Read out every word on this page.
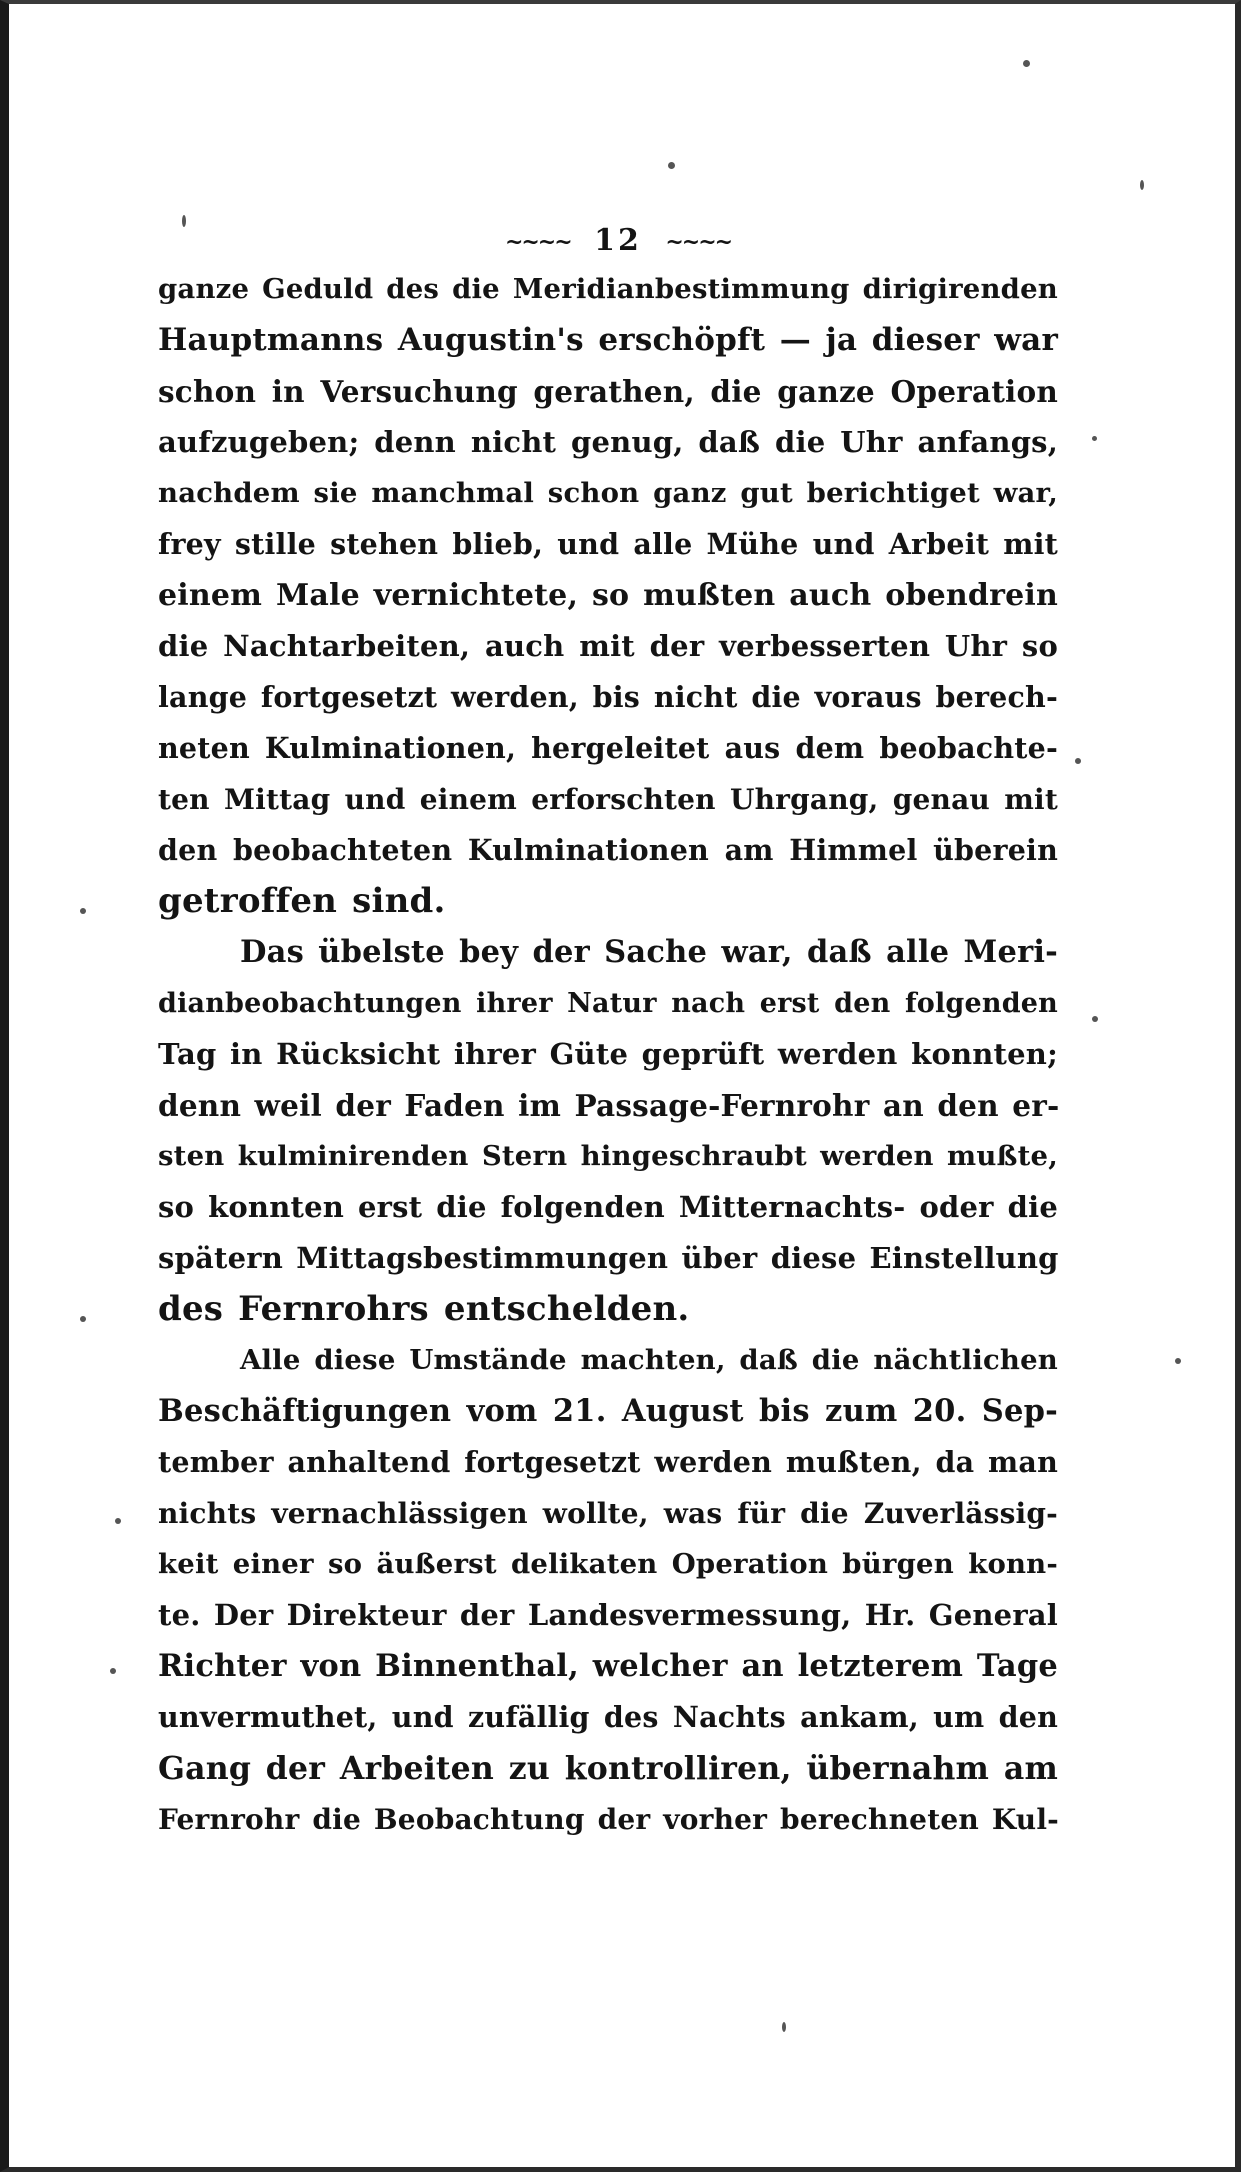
~~~~ 12 ~~~~
ganze Geduld des die Meridianbestimmung dirigirenden
Hauptmanns Augustin's erschöpft — ja dieser war
schon in Versuchung gerathen, die ganze Operation
aufzugeben; denn nicht genug, daß die Uhr anfangs,
nachdem sie manchmal schon ganz gut berichtiget war,
frey stille stehen blieb, und alle Mühe und Arbeit mit
einem Male vernichtete, so mußten auch obendrein
die Nachtarbeiten, auch mit der verbesserten Uhr so
lange fortgesetzt werden, bis nicht die voraus berech-
neten Kulminationen, hergeleitet aus dem beobachte-
ten Mittag und einem erforschten Uhrgang, genau mit
den beobachteten Kulminationen am Himmel überein
getroffen sind.
Das übelste bey der Sache war, daß alle Meri-
dianbeobachtungen ihrer Natur nach erst den folgenden
Tag in Rücksicht ihrer Güte geprüft werden konnten;
denn weil der Faden im Passage-Fernrohr an den er-
sten kulminirenden Stern hingeschraubt werden mußte,
so konnten erst die folgenden Mitternachts- oder die
spätern Mittagsbestimmungen über diese Einstellung
des Fernrohrs entschelden.
Alle diese Umstände machten, daß die nächtlichen
Beschäftigungen vom 21. August bis zum 20. Sep-
tember anhaltend fortgesetzt werden mußten, da man
nichts vernachlässigen wollte, was für die Zuverlässig-
keit einer so äußerst delikaten Operation bürgen konn-
te. Der Direkteur der Landesvermessung, Hr. General
Richter von Binnenthal, welcher an letzterem Tage
unvermuthet, und zufällig des Nachts ankam, um den
Gang der Arbeiten zu kontrolliren, übernahm am
Fernrohr die Beobachtung der vorher berechneten Kul-
